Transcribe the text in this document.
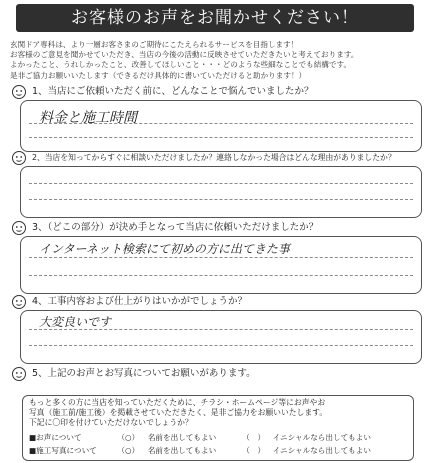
お客様のお声をお聞かせください！
玄関ドア専科は、より一層お客さまのご期待にこたえられるサービスを目指します！
お客様のご意見を聞かせていただき、当店の今後の活動に反映させていただきたいと考えております。
よかったこと、うれしかったこと、改善してほしいこと・・・どのような些細なことでも結構です。
是非ご協力お願いいたします（できるだけ具体的に書いていただけると助かります！）
1、当店にご依頼いただく前に、どんなことで悩んでいましたか？
料金と施工時間
2、当店を知ってからすぐに相談いただけましたか？連絡しなかった場合はどんな理由がありましたか？
3、（どこの部分）が決め手となって当店に依頼いただけましたか？
インターネット検索にて初めの方に出てきた事
4、工事内容および仕上がりはいかがでしょうか？
大変良いです
5、上記のお声とお写真についてお願いがあります。
もっと多くの方に当店を知っていただくために、チラシ・ホームページ等にお声やお
写真（施工前/施工後）を掲載させていただきたく、是非ご協力をお願いいたします。
下記に〇印を付けていただけないでしょうか？
■お声について	（○） 名前を出してもよい	（　） イニシャルなら出してもよい
■施工写真について	（○） 名前を出してもよい	（　） イニシャルなら出してもよい
